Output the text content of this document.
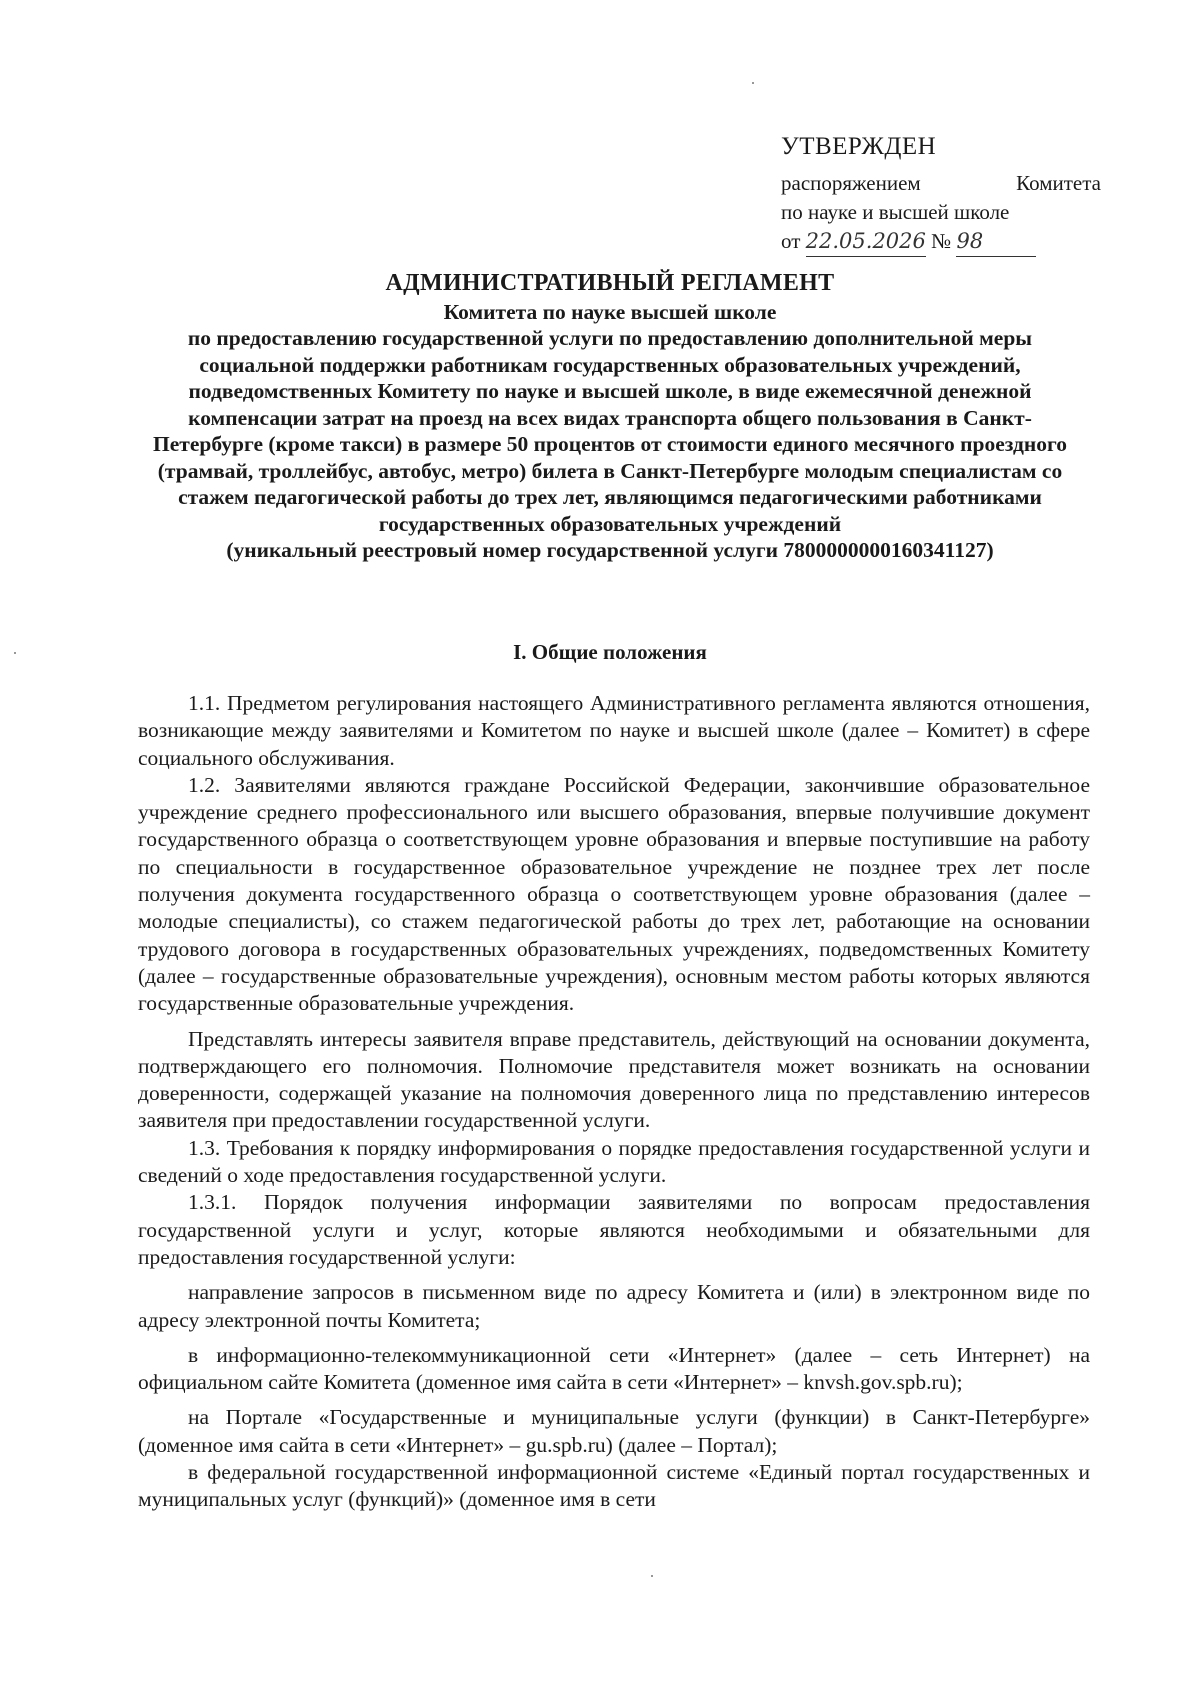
УТВЕРЖДЕН
распоряжением	Комитета
по науке и высшей школе
от 22.05.2026 № 98
АДМИНИСТРАТИВНЫЙ РЕГЛАМЕНТ
Комитета по науке высшей школе
по предоставлению государственной услуги по предоставлению дополнительной меры социальной поддержки работникам государственных образовательных учреждений, подведомственных Комитету по науке и высшей школе, в виде ежемесячной денежной компенсации затрат на проезд на всех видах транспорта общего пользования в Санкт-Петербурге (кроме такси) в размере 50 процентов от стоимости единого месячного проездного (трамвай, троллейбус, автобус, метро) билета в Санкт-Петербурге молодым специалистам со стажем педагогической работы до трех лет, являющимся педагогическими работниками государственных образовательных учреждений
(уникальный реестровый номер государственной услуги 7800000000160341127)
I. Общие положения

1.1. Предметом регулирования настоящего Административного регламента являются отношения, возникающие между заявителями и Комитетом по науке и высшей школе (далее – Комитет) в сфере социального обслуживания.

1.2. Заявителями являются граждане Российской Федерации, закончившие образовательное учреждение среднего профессионального или высшего образования, впервые получившие документ государственного образца о соответствующем уровне образования и впервые поступившие на работу по специальности в государственное образовательное учреждение не позднее трех лет после получения документа государственного образца о соответствующем уровне образования (далее – молодые специалисты), со стажем педагогической работы до трех лет, работающие на основании трудового договора в государственных образовательных учреждениях, подведомственных Комитету (далее – государственные образовательные учреждения), основным местом работы которых являются государственные образовательные учреждения.

Представлять интересы заявителя вправе представитель, действующий на основании документа, подтверждающего его полномочия. Полномочие представителя может возникать на основании доверенности, содержащей указание на полномочия доверенного лица по представлению интересов заявителя при предоставлении государственной услуги.

1.3. Требования к порядку информирования о порядке предоставления государственной услуги и сведений о ходе предоставления государственной услуги.

1.3.1. Порядок получения информации заявителями по вопросам предоставления государственной услуги и услуг, которые являются необходимыми и обязательными для предоставления государственной услуги:

направление запросов в письменном виде по адресу Комитета и (или) в электронном виде по адресу электронной почты Комитета;

в информационно-телекоммуникационной сети «Интернет» (далее – сеть Интернет) на официальном сайте Комитета (доменное имя сайта в сети «Интернет» – knvsh.gov.spb.ru);

на Портале «Государственные и муниципальные услуги (функции) в Санкт-Петербурге» (доменное имя сайта в сети «Интернет» – gu.spb.ru) (далее – Портал);

в федеральной государственной информационной системе «Единый портал государственных и муниципальных услуг (функций)» (доменное имя в сети
